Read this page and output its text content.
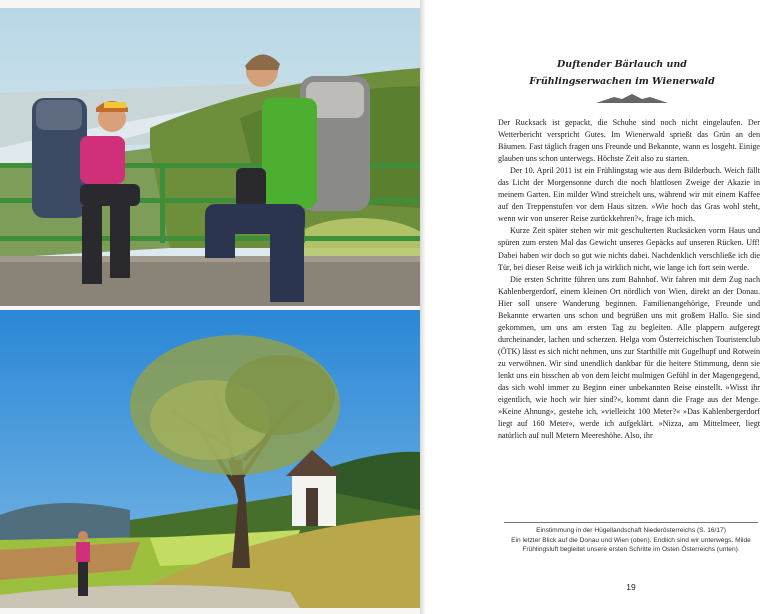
Duftender Bärlauch und
Frühlingserwachen im Wienerwald

Der Rucksack ist gepackt, die Schuhe sind noch nicht eingelaufen. Der Wetterbericht verspricht Gutes. Im Wienerwald sprießt das Grün an den Bäumen. Fast täglich fragen uns Freunde und Bekannte, wann es losgeht. Einige glauben uns schon unterwegs. Höchste Zeit also zu starten.

Der 10. April 2011 ist ein Frühlingstag wie aus dem Bilderbuch. Weich fällt das Licht der Morgensonne durch die noch blattlosen Zweige der Akazie in meinem Garten. Ein milder Wind streichelt uns, während wir mit einem Kaffee auf den Treppenstufen vor dem Haus sitzen. »Wie hoch das Gras wohl steht, wenn wir von unserer Reise zurückkehren?«, frage ich mich.

Kurze Zeit später stehen wir mit geschulterten Rucksäcken vorm Haus und spüren zum ersten Mal das Gewicht unseres Gepäcks auf unseren Rücken. Uff! Dabei haben wir doch so gut wie nichts dabei. Nachdenklich verschließe ich die Tür, bei dieser Reise weiß ich ja wirklich nicht, wie lange ich fort sein werde.

Die ersten Schritte führen uns zum Bahnhof. Wir fahren mit dem Zug nach Kahlenbergerdorf, einem kleinen Ort nördlich von Wien, direkt an der Donau. Hier soll unsere Wanderung beginnen. Familienangehörige, Freunde und Bekannte erwarten uns schon und begrüßen uns mit großem Hallo. Sie sind gekommen, um uns am ersten Tag zu begleiten. Alle plappern aufgeregt durcheinander, lachen und scherzen. Helga vom Österreichischen Touristenclub (ÖTK) lässt es sich nicht nehmen, uns zur Starthilfe mit Gugelhupf und Rotwein zu verwöhnen. Wir sind unendlich dankbar für die heitere Stimmung, denn sie lenkt uns ein bisschen ab von dem leicht mulmigen Gefühl in der Magengegend, das sich wohl immer zu Beginn einer unbekannten Reise einstellt. »Wisst ihr eigentlich, wie hoch wir hier sind?«, kommt dann die Frage aus der Menge. »Keine Ahnung«, gestehe ich, »vielleicht 100 Meter?« »Das Kahlenbergerdorf liegt auf 160 Meter«, werde ich aufgeklärt. »Nizza, am Mittelmeer, liegt natürlich auf null Metern Meereshöhe. Also, ihr

Einstimmung in der Hügellandschaft Niederösterreichs (S. 16/17)

Ein letzter Blick auf die Donau und Wien (oben). Endlich sind wir unterwegs. Milde

Frühlingsluft begleitet unsere ersten Schritte im Osten Österreichs (unten).

19
